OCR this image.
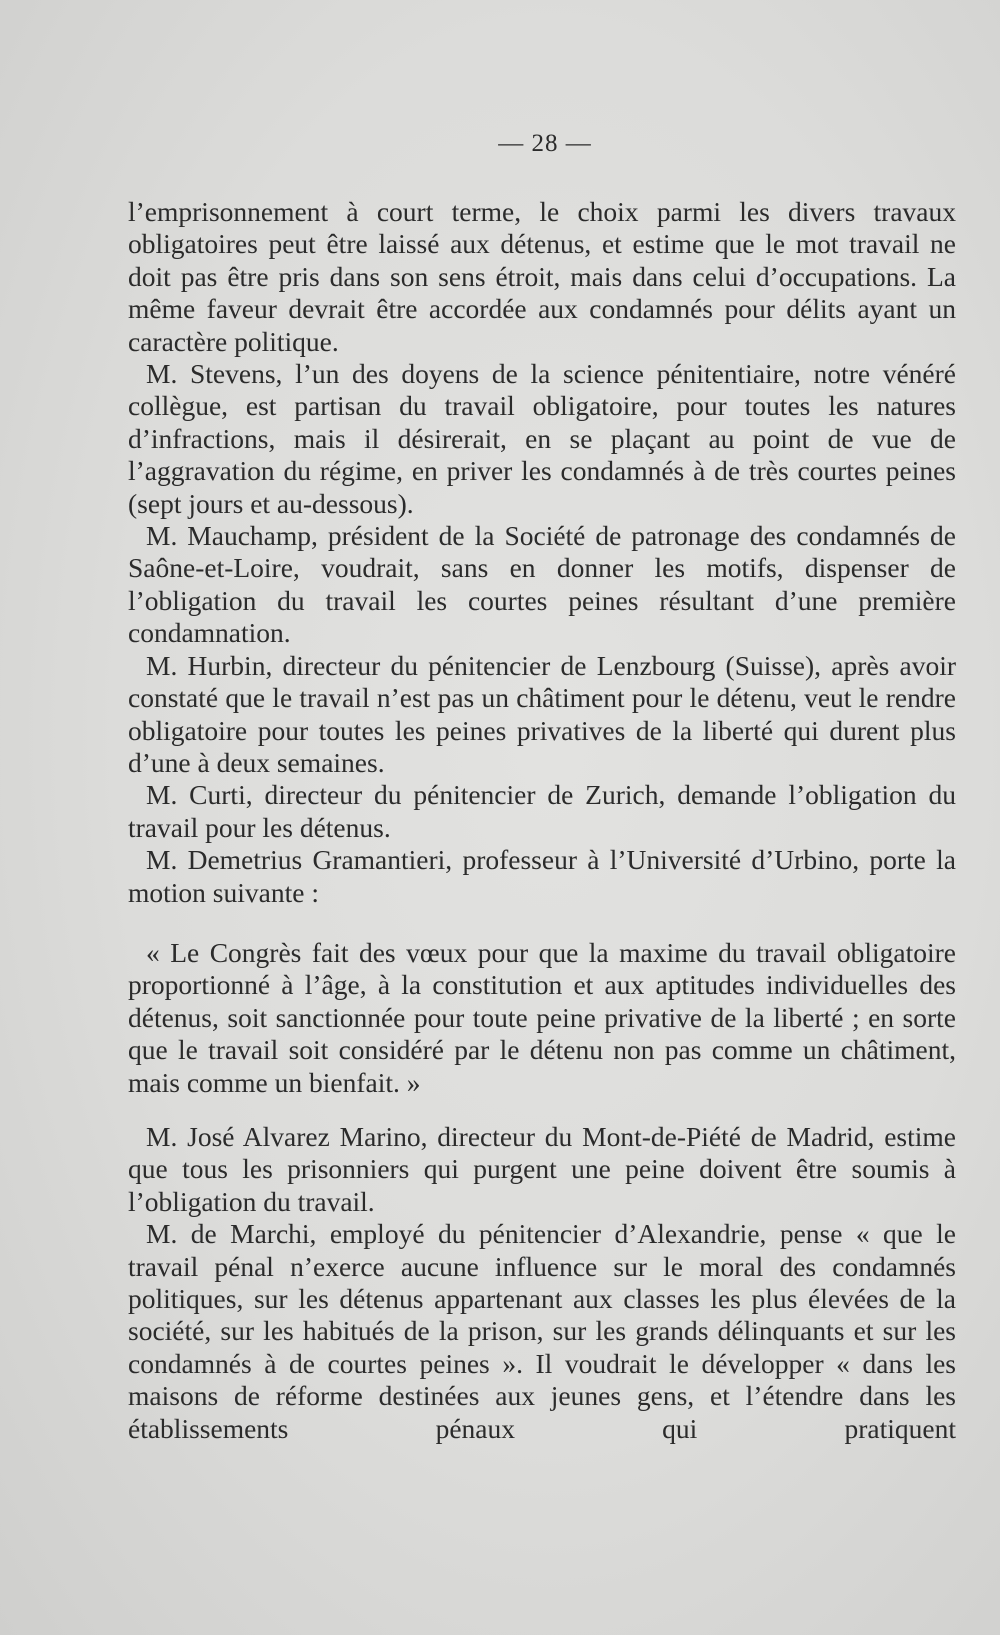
— 28 —

l’emprisonnement à court terme, le choix parmi les divers travaux obligatoires peut être laissé aux détenus, et estime que le mot travail ne doit pas être pris dans son sens étroit, mais dans celui d’occupations. La même faveur devrait être accordée aux condamnés pour délits ayant un caractère politique.

M. Stevens, l’un des doyens de la science pénitentiaire, notre vénéré collègue, est partisan du travail obligatoire, pour toutes les natures d’infractions, mais il désirerait, en se plaçant au point de vue de l’aggravation du régime, en priver les condamnés à de très courtes peines (sept jours et au-dessous).

M. Mauchamp, président de la Société de patronage des condamnés de Saône-et-Loire, voudrait, sans en donner les motifs, dispenser de l’obligation du travail les courtes peines résultant d’une première condamnation.

M. Hurbin, directeur du pénitencier de Lenzbourg (Suisse), après avoir constaté que le travail n’est pas un châtiment pour le détenu, veut le rendre obligatoire pour toutes les peines privatives de la liberté qui durent plus d’une à deux semaines.

M. Curti, directeur du pénitencier de Zurich, demande l’obligation du travail pour les détenus.

M. Demetrius Gramantieri, professeur à l’Université d’Urbino, porte la motion suivante :

« Le Congrès fait des vœux pour que la maxime du travail obligatoire proportionné à l’âge, à la constitution et aux aptitudes individuelles des détenus, soit sanctionnée pour toute peine privative de la liberté ; en sorte que le travail soit considéré par le détenu non pas comme un châtiment, mais comme un bienfait. »

M. José Alvarez Marino, directeur du Mont-de-Piété de Madrid, estime que tous les prisonniers qui purgent une peine doivent être soumis à l’obligation du travail.

M. de Marchi, employé du pénitencier d’Alexandrie, pense « que le travail pénal n’exerce aucune influence sur le moral des condamnés politiques, sur les détenus appartenant aux classes les plus élevées de la société, sur les habitués de la prison, sur les grands délinquants et sur les condamnés à de courtes peines ». Il voudrait le développer « dans les maisons de réforme destinées aux jeunes gens, et l’étendre dans les établissements pénaux qui pratiquent
